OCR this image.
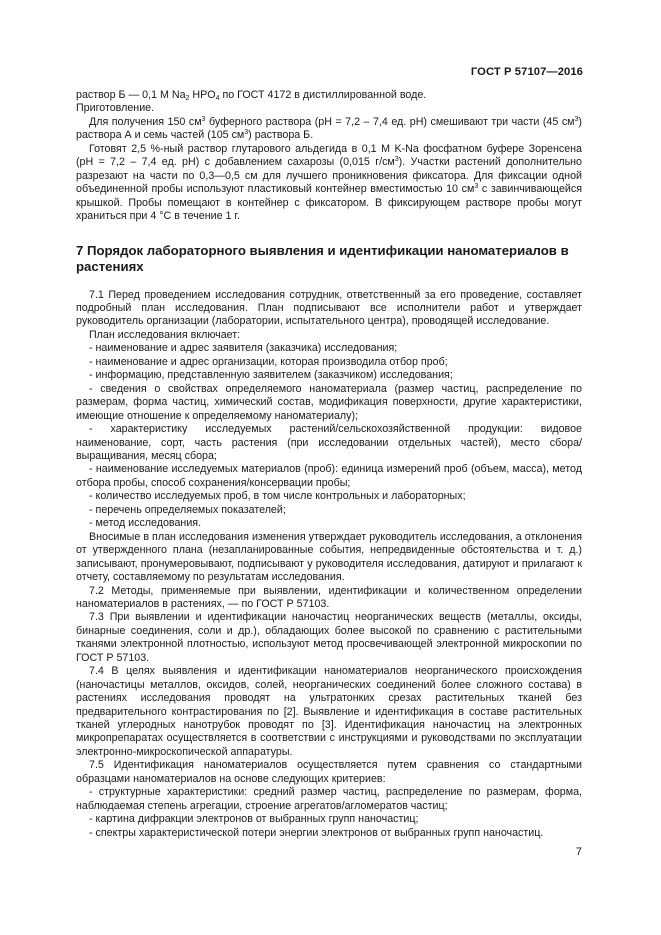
ГОСТ Р 57107—2016

раствор Б — 0,1 М $Na_2$ $HPO_4$ по ГОСТ 4172 в дистиллированной воде.

Приготовление.

Для получения 150 $см^3$ буферного раствора (рН = 7,2 – 7,4 ед. рН) смешивают три части (45 $см^3$) раствора А и семь частей (105 $см^3$) раствора Б.

Готовят 2,5 %-ный раствор глутарового альдегида в 0,1 М K-Na фосфатном буфере Зоренсена (рН = 7,2 – 7,4 ед. рН) с добавлением сахарозы (0,015 $г/см^3$). Участки растений дополнительно разрезают на части по 0,3—0,5 см для лучшего проникновения фиксатора. Для фиксации одной объединенной пробы используют пластиковый контейнер вместимостью 10 $см^3$ с завинчивающейся крышкой. Пробы помещают в контейнер с фиксатором. В фиксирующем растворе пробы могут храниться при 4 °С в течение 1 г.

7 Порядок лабораторного выявления и идентификации наноматериалов в растениях

7.1 Перед проведением исследования сотрудник, ответственный за его проведение, составляет подробный план исследования. План подписывают все исполнители работ и утверждает руководитель организации (лаборатории, испытательного центра), проводящей исследование.

План исследования включает:

- наименование и адрес заявителя (заказчика) исследования;

- наименование и адрес организации, которая производила отбор проб;

- информацию, представленную заявителем (заказчиком) исследования;

- сведения о свойствах определяемого наноматериала (размер частиц, распределение по размерам, форма частиц, химический состав, модификация поверхности, другие характеристики, имеющие отношение к определяемому наноматериалу);

- характеристику исследуемых растений/сельскохозяйственной продукции: видовое наименование, сорт, часть растения (при исследовании отдельных частей), место сбора/выращивания, месяц сбора;

- наименование исследуемых материалов (проб): единица измерений проб (объем, масса), метод отбора пробы, способ сохранения/консервации пробы;

- количество исследуемых проб, в том числе контрольных и лабораторных;

- перечень определяемых показателей;

- метод исследования.

Вносимые в план исследования изменения утверждает руководитель исследования, а отклонения от утвержденного плана (незапланированные события, непредвиденные обстоятельства и т. д.) записывают, пронумеровывают, подписывают у руководителя исследования, датируют и прилагают к отчету, составляемому по результатам исследования.

7.2 Методы, применяемые при выявлении, идентификации и количественном определении наноматериалов в растениях, — по ГОСТ Р 57103.

7.3 При выявлении и идентификации наночастиц неорганических веществ (металлы, оксиды, бинарные соединения, соли и др.), обладающих более высокой по сравнению с растительными тканями электронной плотностью, используют метод просвечивающей электронной микроскопии по ГОСТ Р 57103.

7.4 В целях выявления и идентификации наноматериалов неорганического происхождения (наночастицы металлов, оксидов, солей, неорганических соединений более сложного состава) в растениях исследования проводят на ультратонких срезах растительных тканей без предварительного контрастирования по [2]. Выявление и идентификация в составе растительных тканей углеродных нанотрубок проводят по [3]. Идентификация наночастиц на электронных микропрепаратах осуществляется в соответствии с инструкциями и руководствами по эксплуатации электронно-микроскопической аппаратуры.

7.5 Идентификация наноматериалов осуществляется путем сравнения со стандартными образцами наноматериалов на основе следующих критериев:

- структурные характеристики: средний размер частиц, распределение по размерам, форма, наблюдаемая степень агрегации, строение агрегатов/агломератов частиц;

- картина дифракции электронов от выбранных групп наночастиц;

- спектры характеристической потери энергии электронов от выбранных групп наночастиц.

7
